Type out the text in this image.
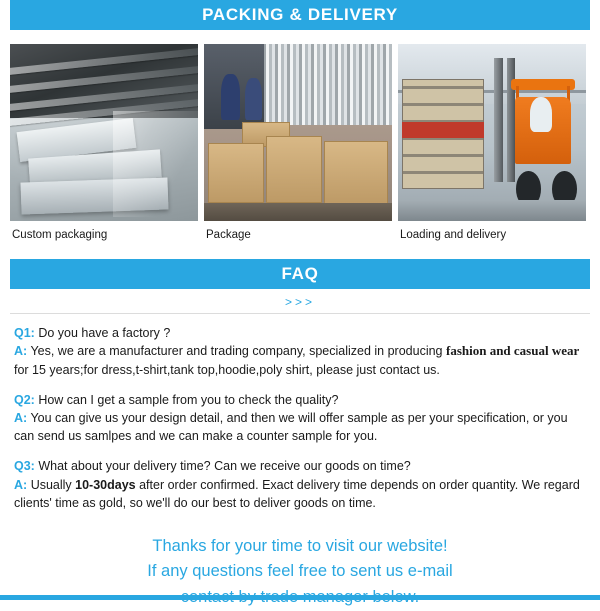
PACKING & DELIVERY
Custom packaging	Package	Loading and delivery
FAQ
>>>
Q1: Do you have a factory ?
A: Yes, we are a manufacturer and trading company, specialized in producing fashion and casual wear for 15 years;for dress,t-shirt,tank top,hoodie,poly shirt, please just contact us.
Q2: How can I get a sample from you to check the quality?
A: You can give us your design detail, and then we will offer sample as per your specification, or you can send us samlpes and we can make a counter sample for you.
Q3: What about your delivery time? Can we receive our goods on time?
A: Usually 10-30days after order confirmed. Exact delivery time depends on order quantity. We regard clients' time as gold, so we'll do our best to deliver goods on time.
Thanks for your time to visit our website!
If any questions feel free to sent us e-mail
